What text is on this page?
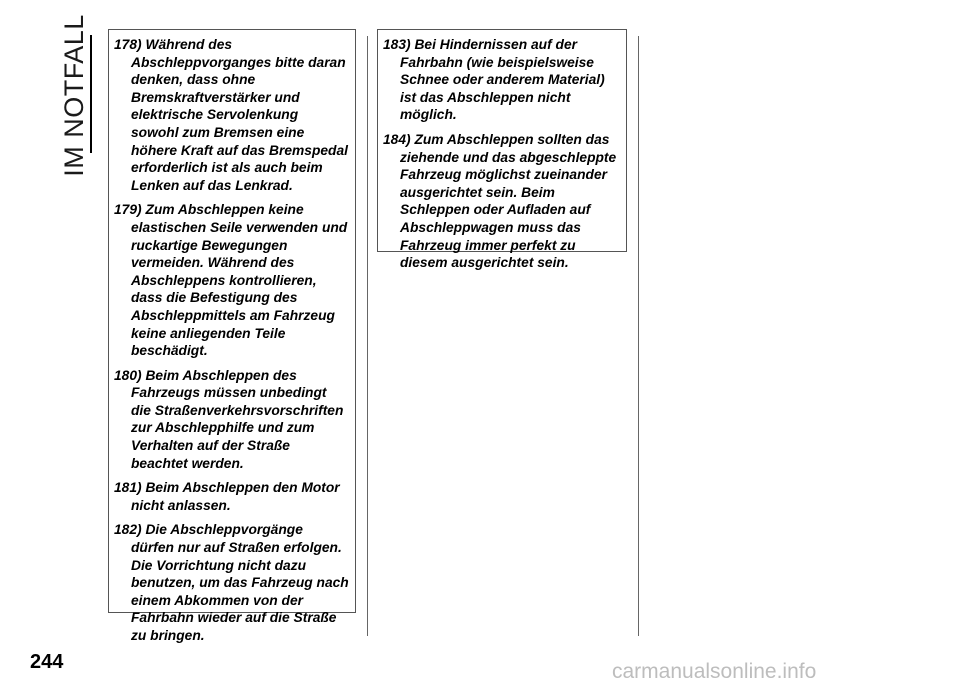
IM NOTFALL 178) Während des Abschleppvorganges bitte daran denken, dass ohne Bremskraftverstärker und elektrische Servolenkung sowohl zum Bremsen eine höhere Kraft auf das Bremspedal erforderlich ist als auch beim Lenken auf das Lenkrad.

179) Zum Abschleppen keine elastischen Seile verwenden und ruckartige Bewegungen vermeiden. Während des Abschleppens kontrollieren, dass die Befestigung des Abschleppmittels am Fahrzeug keine anliegenden Teile beschädigt.

180) Beim Abschleppen des Fahrzeugs müssen unbedingt die Straßenverkehrsvorschriften zur Abschlepphilfe und zum Verhalten auf der Straße beachtet werden.

181) Beim Abschleppen den Motor nicht anlassen.

182) Die Abschleppvorgänge dürfen nur auf Straßen erfolgen. Die Vorrichtung nicht dazu benutzen, um das Fahrzeug nach einem Abkommen von der Fahrbahn wieder auf die Straße zu bringen.

183) Bei Hindernissen auf der Fahrbahn (wie beispielsweise Schnee oder anderem Material) ist das Abschleppen nicht möglich.

184) Zum Abschleppen sollten das ziehende und das abgeschleppte Fahrzeug möglichst zueinander ausgerichtet sein. Beim Schleppen oder Aufladen auf Abschleppwagen muss das Fahrzeug immer perfekt zu diesem ausgerichtet sein.

244	carmanualsonline.info
